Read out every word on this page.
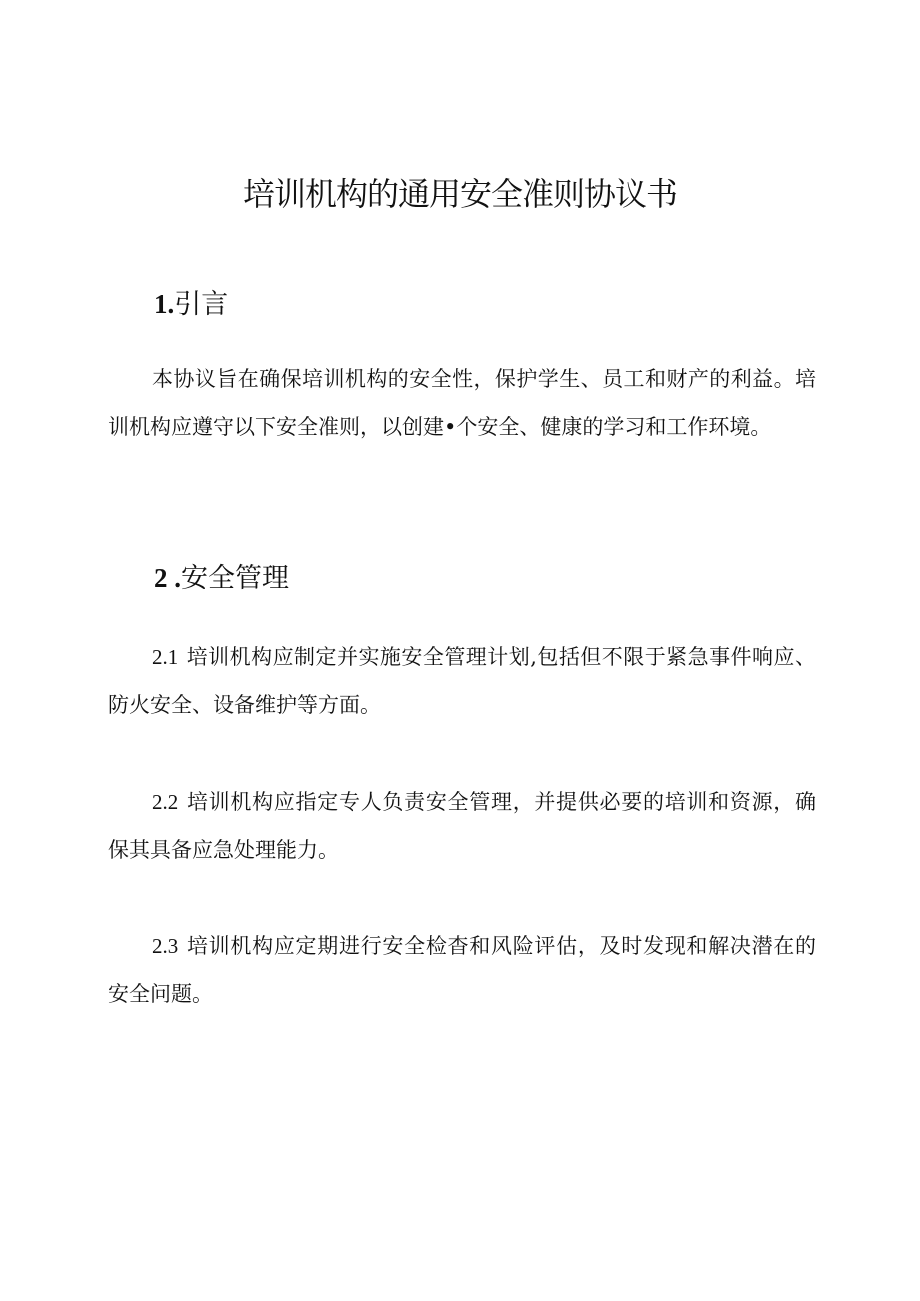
培训机构的通用安全准则协议书
1.引言

本协议旨在确保培训机构的安全性，保护学生、员工和财产的利益。培训机构应遵守以下安全准则，以创建•个安全、健康的学习和工作环境。

2 .安全管理

2.1 培训机构应制定并实施安全管理计划,包括但不限于紧急事件响应、防火安全、设备维护等方面。

2.2 培训机构应指定专人负责安全管理，并提供必要的培训和资源，确保其具备应急处理能力。

2.3 培训机构应定期进行安全检杳和风险评估，及时发现和解决潜在的安全问题。
